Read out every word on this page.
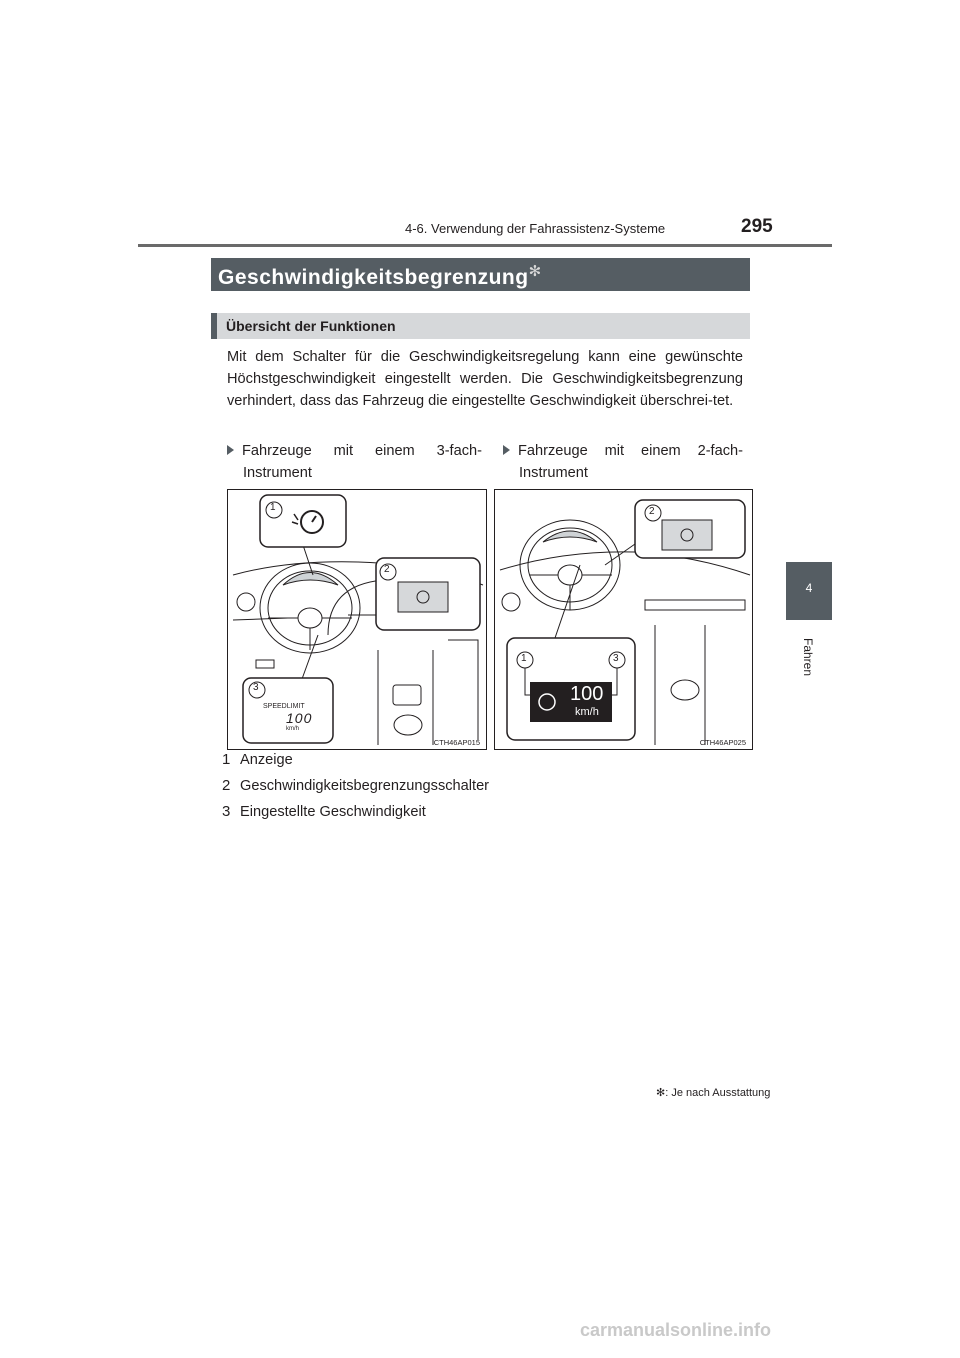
4-6. Verwendung der Fahrassistenz-Systeme	295
4
Fahren
Geschwindigkeitsbegrenzung✻
Übersicht der Funktionen
Mit dem Schalter für die Geschwindigkeitsregelung kann eine gewünschte Höchstgeschwindigkeit eingestellt werden. Die Geschwindigkeitsbegrenzung verhindert, dass das Fahrzeug die eingestellte Geschwindigkeit überschrei-tet.
Fahrzeuge mit einem 3-fach-
Instrument
Fahrzeuge mit einem 2-fach-
Instrument
1
2
3
SPEEDLIMIT
100
km/h
CTH46AP015
2
1	3
100
km/h
CTH46AP025
1 Anzeige
2 Geschwindigkeitsbegrenzungsschalter
3 Eingestellte Geschwindigkeit
✻: Je nach Ausstattung
carmanualsonline.info
